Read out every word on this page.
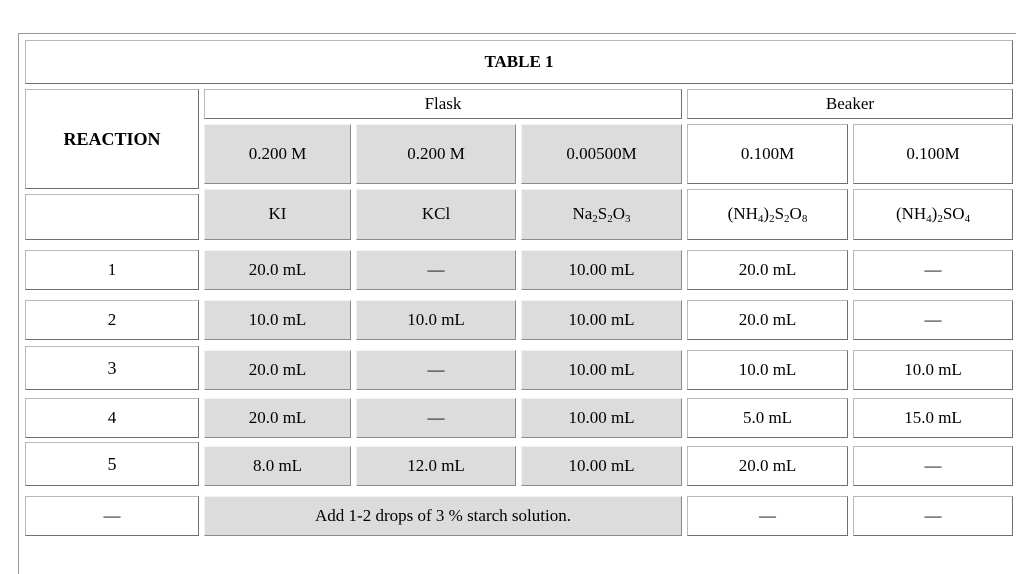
TABLE 1
REACTION
Flask	Beaker
0.200 M	0.200 M	0.00500M	0.100M	0.100M
KI	KCl	$Na_2S_2O_3$	$(NH_4)_2S_2O_8$	$(NH_4)_2SO_4$
1	20.0 mL	—	10.00 mL	20.0 mL	—
2	10.0 mL	10.0 mL	10.00 mL	20.0 mL	—
3	20.0 mL	—	10.00 mL	10.0 mL	10.0 mL
4	20.0 mL	—	10.00 mL	5.0 mL	15.0 mL
5	8.0 mL	12.0 mL	10.00 mL	20.0 mL	—
—	Add 1-2 drops of 3 % starch solution.	—	—
